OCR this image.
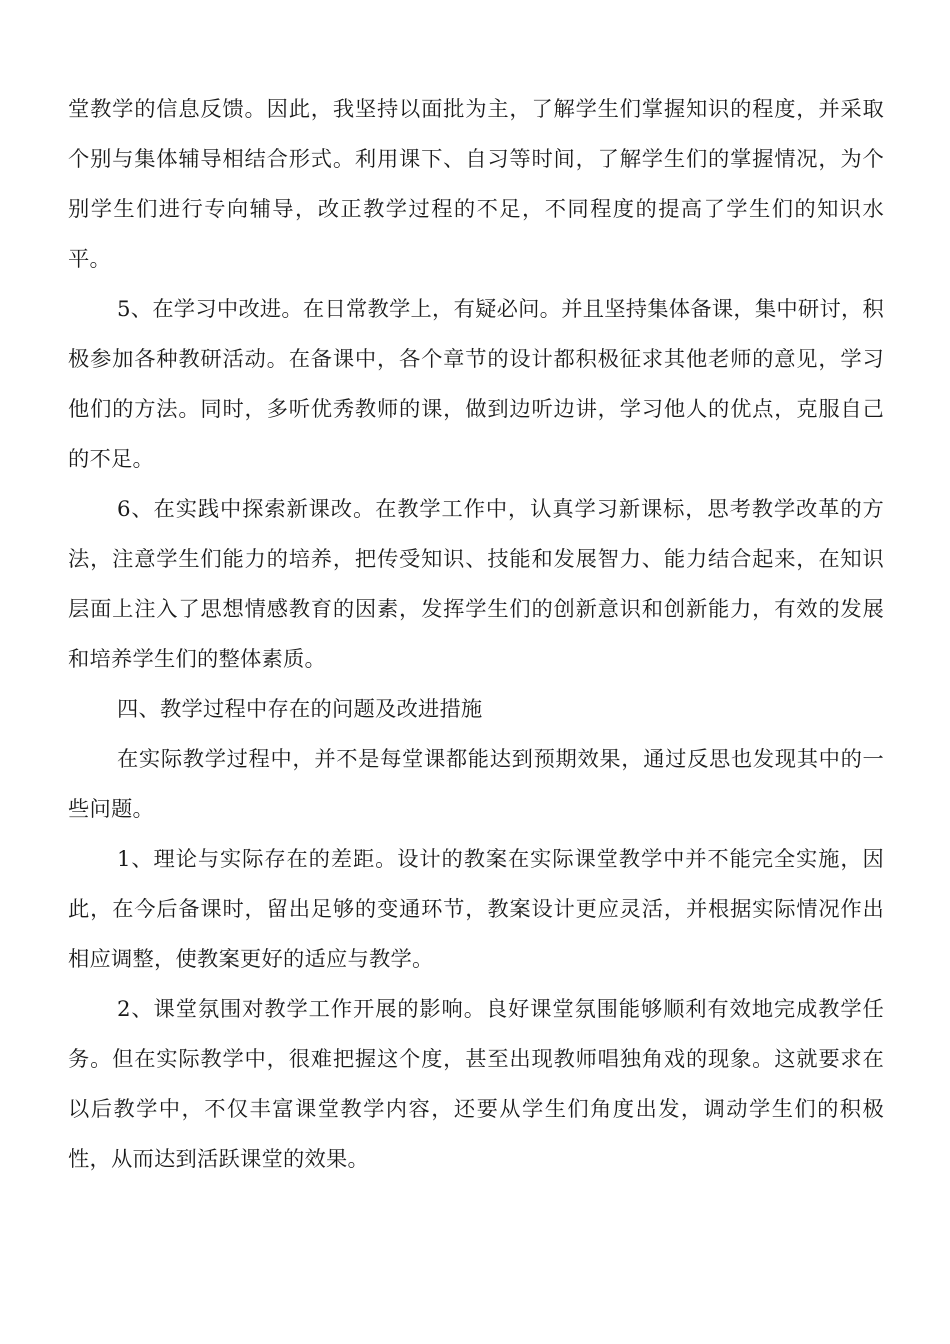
堂教学的信息反馈。因此，我坚持以面批为主，了解学生们掌握知识的程度，并采取个别与集体辅导相结合形式。利用课下、自习等时间，了解学生们的掌握情况，为个别学生们进行专向辅导，改正教学过程的不足，不同程度的提高了学生们的知识水平。

5、在学习中改进。在日常教学上，有疑必问。并且坚持集体备课，集中研讨，积极参加各种教研活动。在备课中，各个章节的设计都积极征求其他老师的意见，学习他们的方法。同时，多听优秀教师的课，做到边听边讲，学习他人的优点，克服自己的不足。

6、在实践中探索新课改。在教学工作中，认真学习新课标，思考教学改革的方法，注意学生们能力的培养，把传受知识、技能和发展智力、能力结合起来，在知识层面上注入了思想情感教育的因素，发挥学生们的创新意识和创新能力，有效的发展和培养学生们的整体素质。

四、教学过程中存在的问题及改进措施

在实际教学过程中，并不是每堂课都能达到预期效果，通过反思也发现其中的一些问题。

1、理论与实际存在的差距。设计的教案在实际课堂教学中并不能完全实施，因此，在今后备课时，留出足够的变通环节，教案设计更应灵活，并根据实际情况作出相应调整，使教案更好的适应与教学。

2、课堂氛围对教学工作开展的影响。良好课堂氛围能够顺利有效地完成教学任务。但在实际教学中，很难把握这个度，甚至出现教师唱独角戏的现象。这就要求在以后教学中，不仅丰富课堂教学内容，还要从学生们角度出发，调动学生们的积极性，从而达到活跃课堂的效果。
